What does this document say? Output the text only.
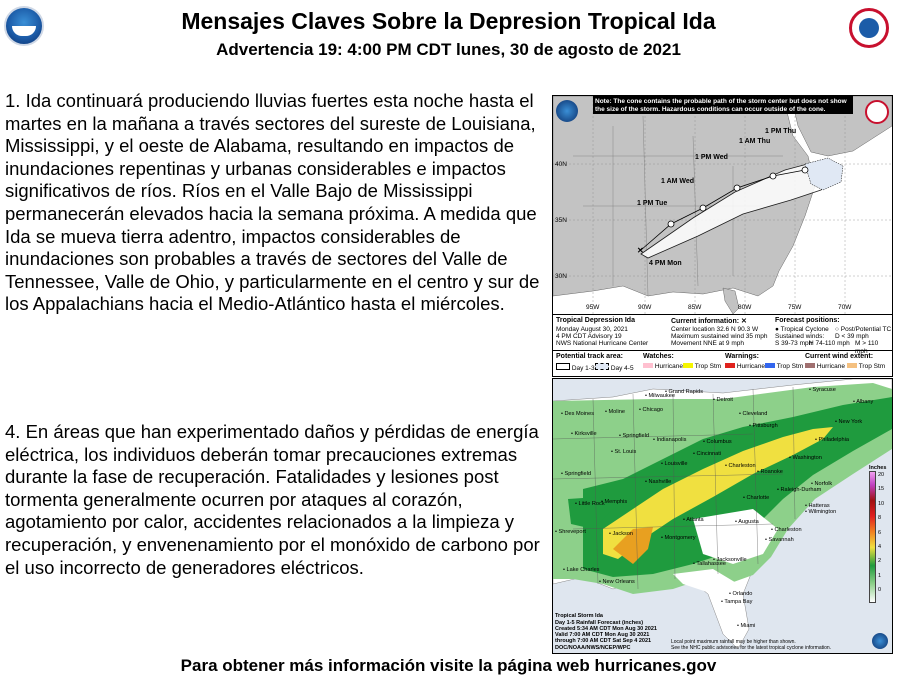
Mensajes Claves Sobre la Depresion Tropical Ida
Advertencia 19: 4:00 PM CDT lunes, 30 de agosto de 2021
1. Ida continuará produciendo lluvias fuertes esta noche hasta el martes en la mañana a través sectores del sureste de Louisiana, Mississippi, y el oeste de Alabama, resultando en impactos de inundaciones repentinas y urbanas considerables e impactos significativos de ríos. Ríos en el Valle Bajo de Mississippi permanecerán elevados hacia la semana próxima. A medida que Ida se mueva tierra adentro, impactos considerables de inundaciones son probables a través de sectores del Valle de Tennessee, Valle de Ohio, y particularmente en el centro y sur de los Appalachians hacia el Medio-Atlántico hasta el miércoles.
4. En áreas que han experimentado daños y pérdidas de energía eléctrica, los individuos deberán tomar precauciones extremas durante la fase de recuperación. Fatalidades y lesiones post tormenta generalmente ocurren por ataques al corazón, agotamiento por calor, accidentes relacionados a la limpieza y recuperación, y envenenamiento por el monóxido de carbono por el uso incorrecto de generadores eléctricos.
✕
Note: The cone contains the probable path of the storm center but does not show the size of the storm. Hazardous conditions can occur outside of the cone.
40N
35N
30N
95W	90W	85W	80W	75W	70W
4 PM Mon
1 PM Tue
1 AM Wed
1 PM Wed
1 AM Thu
1 PM Thu
Tropical Depression Ida
Monday August 30, 2021
4 PM CDT Advisory 19
NWS National Hurricane Center
Current information: ✕
Center location 32.6 N 90.3 W
Maximum sustained wind 35 mph
Movement NNE at 9 mph
Forecast positions:
● Tropical Cyclone ○ Post/Potential TC
Sustained winds: D < 39 mph
S 39-73 mph
H 74-110 mph M > 110 mph
Potential track area:
Day 1-3	Day 4-5
Watches:
Hurricane	Trop Stm
Warnings:
Hurricane	Trop Stm
Current wind extent:
Hurricane	Trop Stm
Inches
20
15
10
8
6
4
2
1
0
• Milwaukee
• Grand Rapids
• Detroit
• Syracuse
• Albany
• Des Moines • Moline	• Chicago
• Cleveland
• Kirksville	• Springfield
• Indianapolis	• Columbus
• Pittsburgh
• New York
• Philadelphia
• St. Louis	• Cincinnati
• Washington
• Springfield
• Charleston
• Louisville
• Nashville
• Roanoke
• Norfolk
• Raleigh-Durham
• Charlotte
• Hatteras
• Little Rock
• Memphis
• Atlanta
• Wilmington
• Augusta
• Charleston
• Savannah
• Shreveport	• Jackson
• Montgomery
• Lake Charles
• New Orleans
• Tallahassee
• Jacksonville
• Tampa Bay
• Orlando
• Miami
Tropical Storm Ida
Day 1-5 Rainfall Forecast (inches)
Created 5:34 AM CDT Mon Aug 30 2021
Valid 7:00 AM CDT Mon Aug 30 2021
through 7:00 AM CDT Sat Sep 4 2021
DOC/NOAA/NWS/NCEP/WPC
Local point maximum rainfall may be higher than shown.
See the NHC public advisories for the latest tropical cyclone information.
Para obtener más información visite la página web hurricanes.gov
